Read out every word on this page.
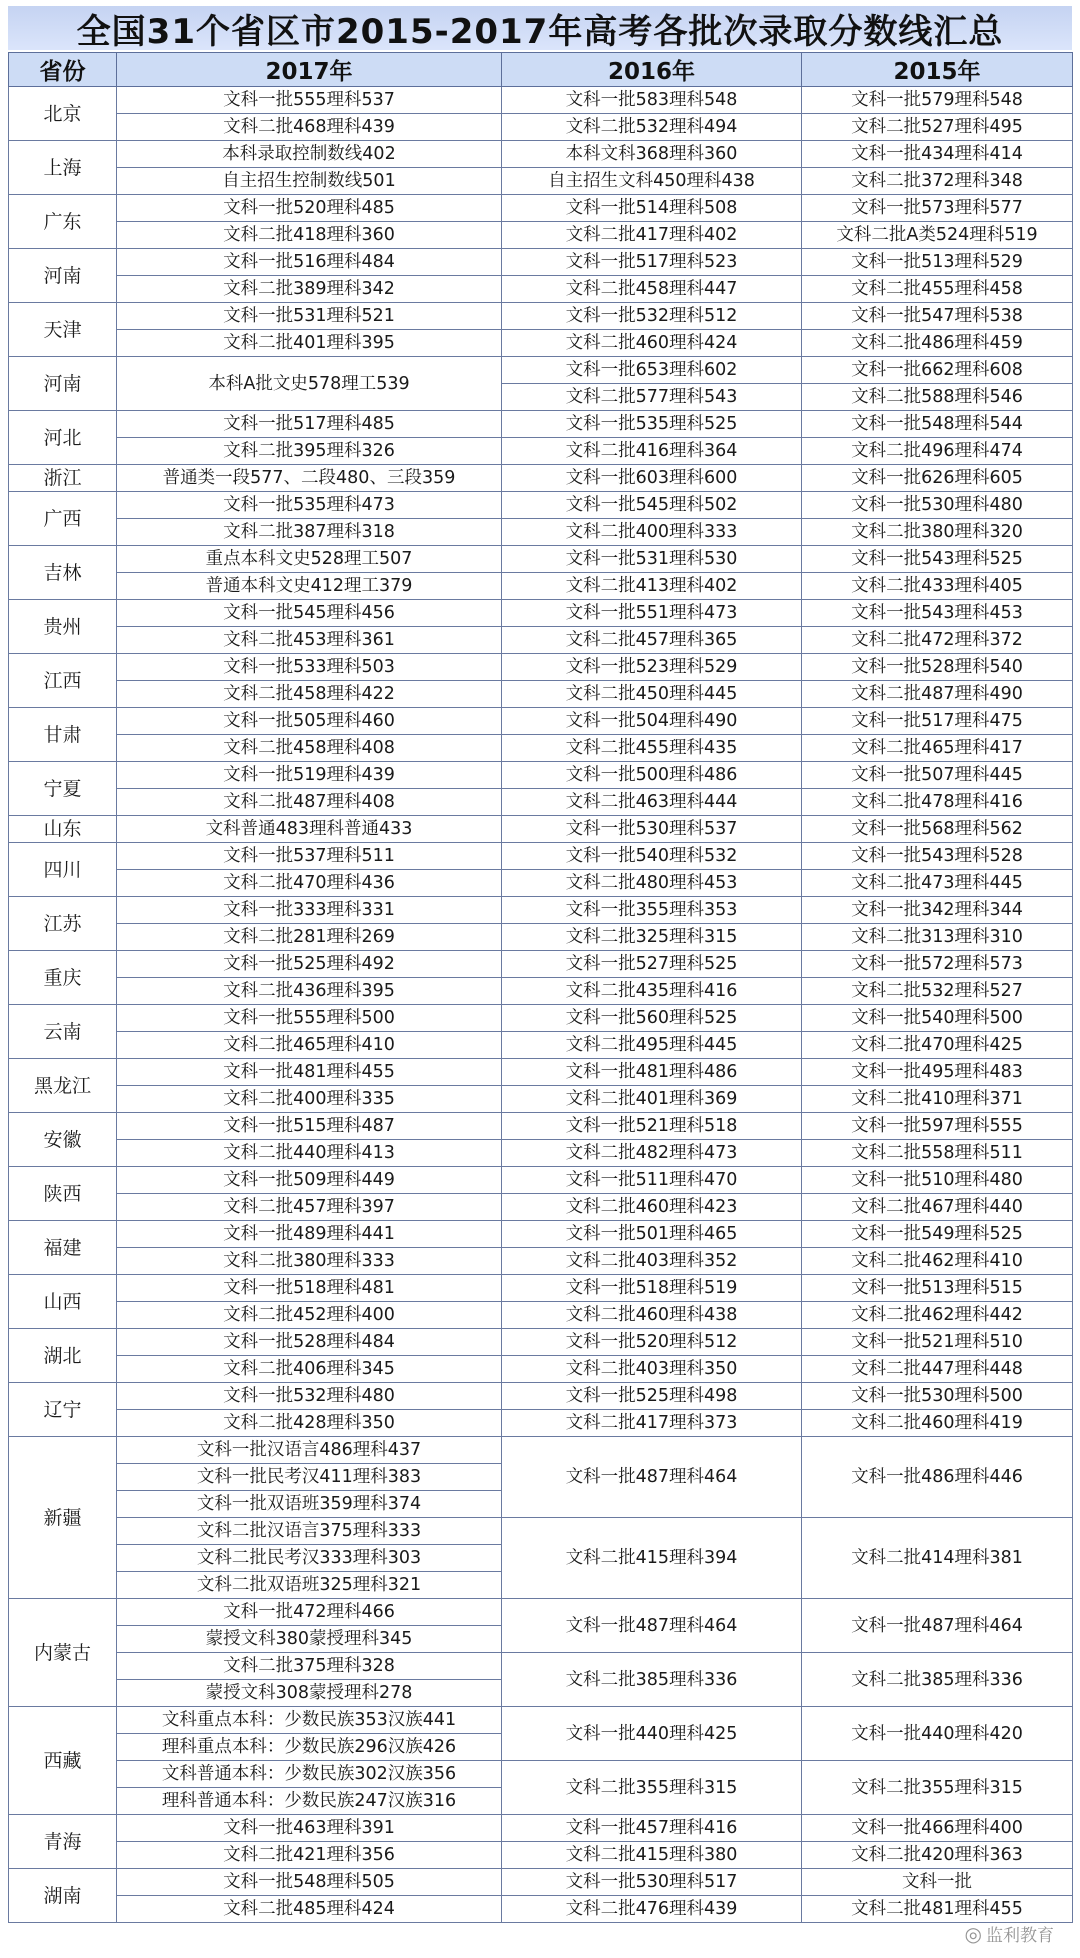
全国31个省区市2015-2017年高考各批次录取分数线汇总
省份	2017年	2016年	2015年
北京	文科一批555理科537	文科一批583理科548	文科一批579理科548
	文科二批468理科439	文科二批532理科494	文科二批527理科495
上海	本科录取控制数线402	本科文科368理科360	文科一批434理科414
	自主招生控制数线501	自主招生文科450理科438	文科二批372理科348
广东	文科一批520理科485	文科一批514理科508	文科一批573理科577
	文科二批418理科360	文科二批417理科402	文科二批A类524理科519
河南	文科一批516理科484	文科一批517理科523	文科一批513理科529
	文科二批389理科342	文科二批458理科447	文科二批455理科458
天津	文科一批531理科521	文科一批532理科512	文科一批547理科538
	文科二批401理科395	文科二批460理科424	文科二批486理科459
河南	本科A批文史578理工539	文科一批653理科602	文科一批662理科608
		文科二批577理科543	文科二批588理科546
河北	文科一批517理科485	文科一批535理科525	文科一批548理科544
	文科二批395理科326	文科二批416理科364	文科二批496理科474
浙江	普通类一段577、二段480、三段359	文科一批603理科600	文科一批626理科605
广西	文科一批535理科473	文科一批545理科502	文科一批530理科480
	文科二批387理科318	文科二批400理科333	文科二批380理科320
吉林	重点本科文史528理工507	文科一批531理科530	文科一批543理科525
	普通本科文史412理工379	文科二批413理科402	文科二批433理科405
贵州	文科一批545理科456	文科一批551理科473	文科一批543理科453
	文科二批453理科361	文科二批457理科365	文科二批472理科372
江西	文科一批533理科503	文科一批523理科529	文科一批528理科540
	文科二批458理科422	文科二批450理科445	文科二批487理科490
甘肃	文科一批505理科460	文科一批504理科490	文科一批517理科475
	文科二批458理科408	文科二批455理科435	文科二批465理科417
宁夏	文科一批519理科439	文科一批500理科486	文科一批507理科445
	文科二批487理科408	文科二批463理科444	文科二批478理科416
山东	文科普通483理科普通433	文科一批530理科537	文科一批568理科562
四川	文科一批537理科511	文科一批540理科532	文科一批543理科528
	文科二批470理科436	文科二批480理科453	文科二批473理科445
江苏	文科一批333理科331	文科一批355理科353	文科一批342理科344
	文科二批281理科269	文科二批325理科315	文科二批313理科310
重庆	文科一批525理科492	文科一批527理科525	文科一批572理科573
	文科二批436理科395	文科二批435理科416	文科二批532理科527
云南	文科一批555理科500	文科一批560理科525	文科一批540理科500
	文科二批465理科410	文科二批495理科445	文科二批470理科425
黑龙江	文科一批481理科455	文科一批481理科486	文科一批495理科483
	文科二批400理科335	文科二批401理科369	文科二批410理科371
安徽	文科一批515理科487	文科一批521理科518	文科一批597理科555
	文科二批440理科413	文科二批482理科473	文科二批558理科511
陕西	文科一批509理科449	文科一批511理科470	文科一批510理科480
	文科二批457理科397	文科二批460理科423	文科二批467理科440
福建	文科一批489理科441	文科一批501理科465	文科一批549理科525
	文科二批380理科333	文科二批403理科352	文科二批462理科410
山西	文科一批518理科481	文科一批518理科519	文科一批513理科515
	文科二批452理科400	文科二批460理科438	文科二批462理科442
湖北	文科一批528理科484	文科一批520理科512	文科一批521理科510
	文科二批406理科345	文科二批403理科350	文科二批447理科448
辽宁	文科一批532理科480	文科一批525理科498	文科一批530理科500
	文科二批428理科350	文科二批417理科373	文科二批460理科419
新疆	文科一批汉语言486理科437	文科一批487理科464	文科一批486理科446
	文科一批民考汉411理科383		
	文科一批双语班359理科374		
	文科二批汉语言375理科333	文科二批415理科394	文科二批414理科381
	文科二批民考汉333理科303		
	文科二批双语班325理科321		
内蒙古	文科一批472理科466	文科一批487理科464	文科一批487理科464
	蒙授文科380蒙授理科345		
	文科二批375理科328	文科二批385理科336	文科二批385理科336
	蒙授文科308蒙授理科278		
西藏	文科重点本科：少数民族353汉族441	文科一批440理科425	文科一批440理科420
	理科重点本科：少数民族296汉族426		
	文科普通本科：少数民族302汉族356	文科二批355理科315	文科二批355理科315
	理科普通本科：少数民族247汉族316		
青海	文科一批463理科391	文科一批457理科416	文科一批466理科400
	文科二批421理科356	文科二批415理科380	文科二批420理科363
湖南	文科一批548理科505	文科一批530理科517	文科一批
	文科二批485理科424	文科二批476理科439	文科二批481理科455
◎ 监利教育
